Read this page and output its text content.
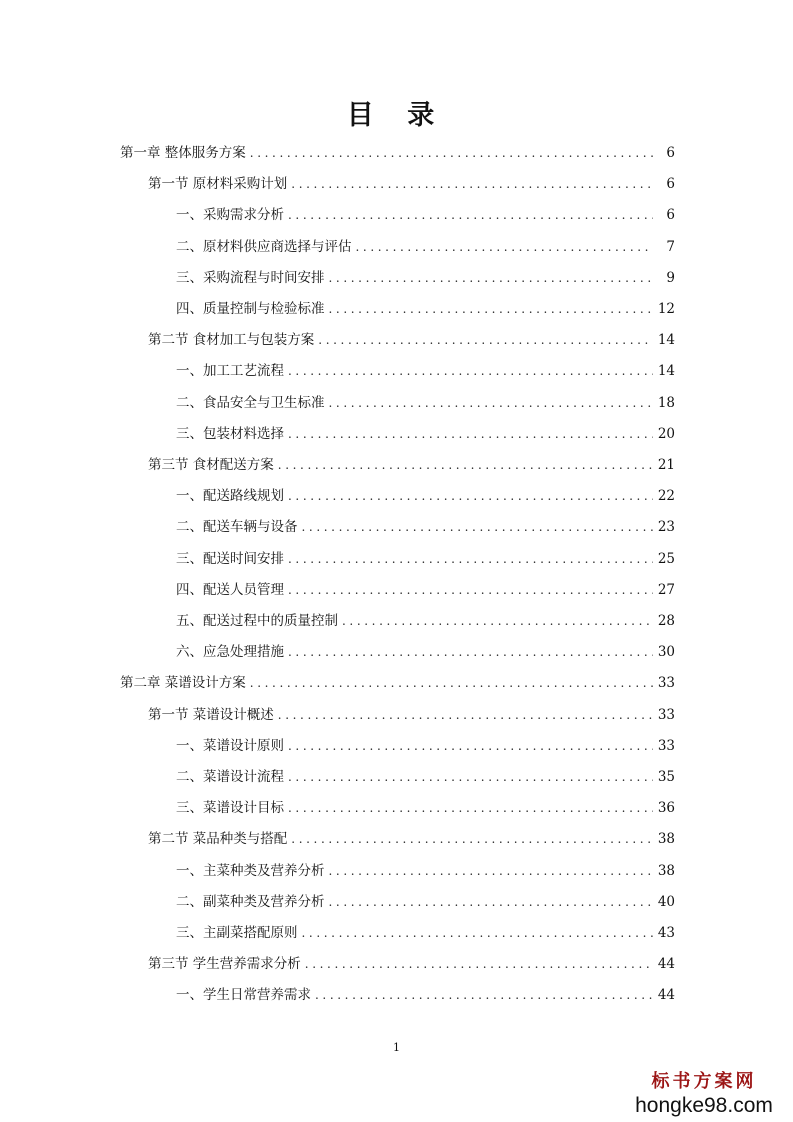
目 录
第一章 整体服务方案 .....	6
第一节 原材料采购计划 .....	6
一、采购需求分析 .....	6
二、原材料供应商选择与评估 .....	7
三、采购流程与时间安排 .....	9
四、质量控制与检验标准 .....	12
第二节 食材加工与包装方案 .....	14
一、加工工艺流程 .....	14
二、食品安全与卫生标准 .....	18
三、包装材料选择 .....	20
第三节 食材配送方案 .....	21
一、配送路线规划 .....	22
二、配送车辆与设备 .....	23
三、配送时间安排 .....	25
四、配送人员管理 .....	27
五、配送过程中的质量控制 .....	28
六、应急处理措施 .....	30
第二章 菜谱设计方案 .....	33
第一节 菜谱设计概述 .....	33
一、菜谱设计原则 .....	33
二、菜谱设计流程 .....	35
三、菜谱设计目标 .....	36
第二节 菜品种类与搭配 .....	38
一、主菜种类及营养分析 .....	38
二、副菜种类及营养分析 .....	40
三、主副菜搭配原则 .....	43
第三节 学生营养需求分析 .....	44
一、学生日常营养需求 .....	44
1
标书方案网
hongke98.com
